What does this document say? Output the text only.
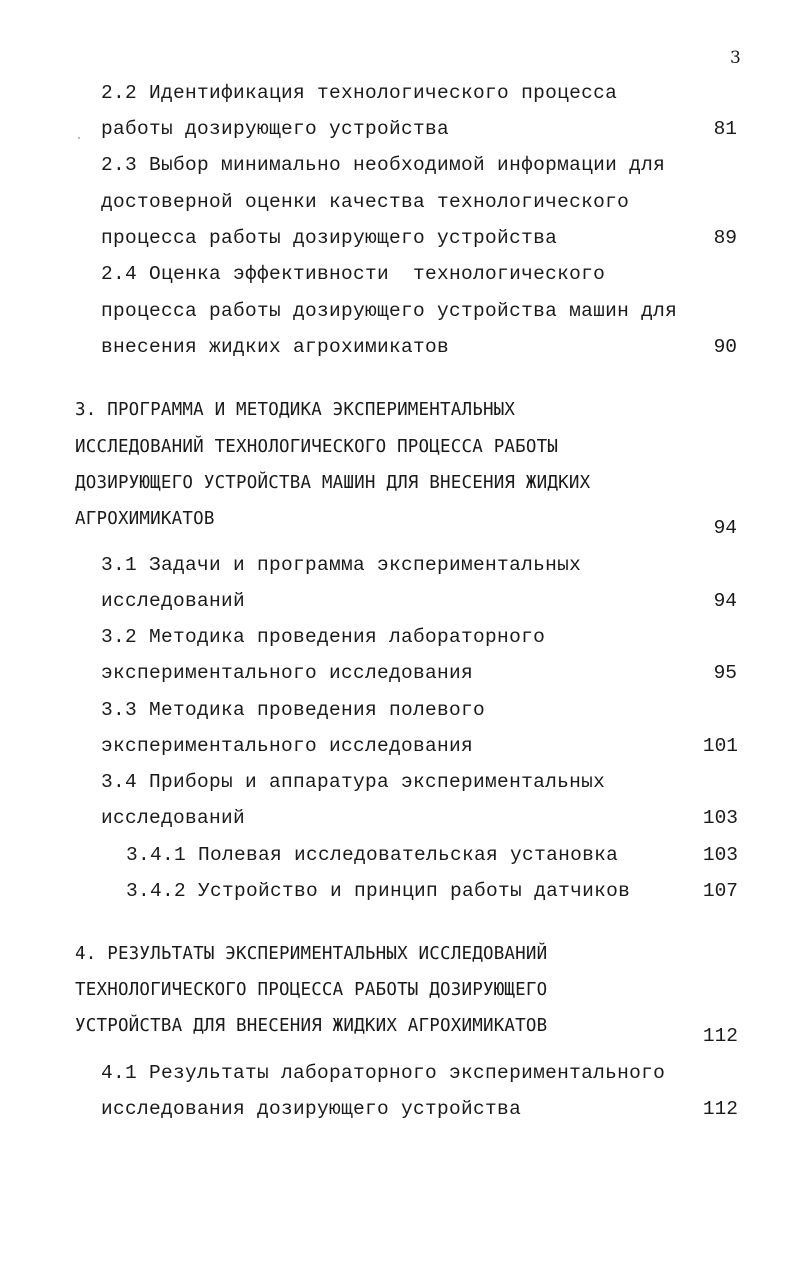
3
2.2 Идентификация технологического процесса
работы дозирующего устройства	81
2.3 Выбор минимально необходимой информации для
достоверной оценки качества технологического
процесса работы дозирующего устройства	89
2.4 Оценка эффективности  технологического
процесса работы дозирующего устройства машин для
внесения жидких агрохимикатов	90
3. ПРОГРАММА И МЕТОДИКА ЭКСПЕРИМЕНТАЛЬНЫХ
ИССЛЕДОВАНИЙ ТЕХНОЛОГИЧЕСКОГО ПРОЦЕССА РАБОТЫ
ДОЗИРУЮЩЕГО УСТРОЙСТВА МАШИН ДЛЯ ВНЕСЕНИЯ ЖИДКИХ
АГРОХИМИКАТОВ	94
3.1 Задачи и программа экспериментальных
исследований	94
3.2 Методика проведения лабораторного
экспериментального исследования	95
3.3 Методика проведения полевого
экспериментального исследования	101
3.4 Приборы и аппаратура экспериментальных
исследований	103
3.4.1 Полевая исследовательская установка	103
3.4.2 Устройство и принцип работы датчиков	107
4. РЕЗУЛЬТАТЫ ЭКСПЕРИМЕНТАЛЬНЫХ ИССЛЕДОВАНИЙ
ТЕХНОЛОГИЧЕСКОГО ПРОЦЕССА РАБОТЫ ДОЗИРУЮЩЕГО
УСТРОЙСТВА ДЛЯ ВНЕСЕНИЯ ЖИДКИХ АГРОХИМИКАТОВ	112
4.1 Результаты лабораторного экспериментального
исследования дозирующего устройства	112
